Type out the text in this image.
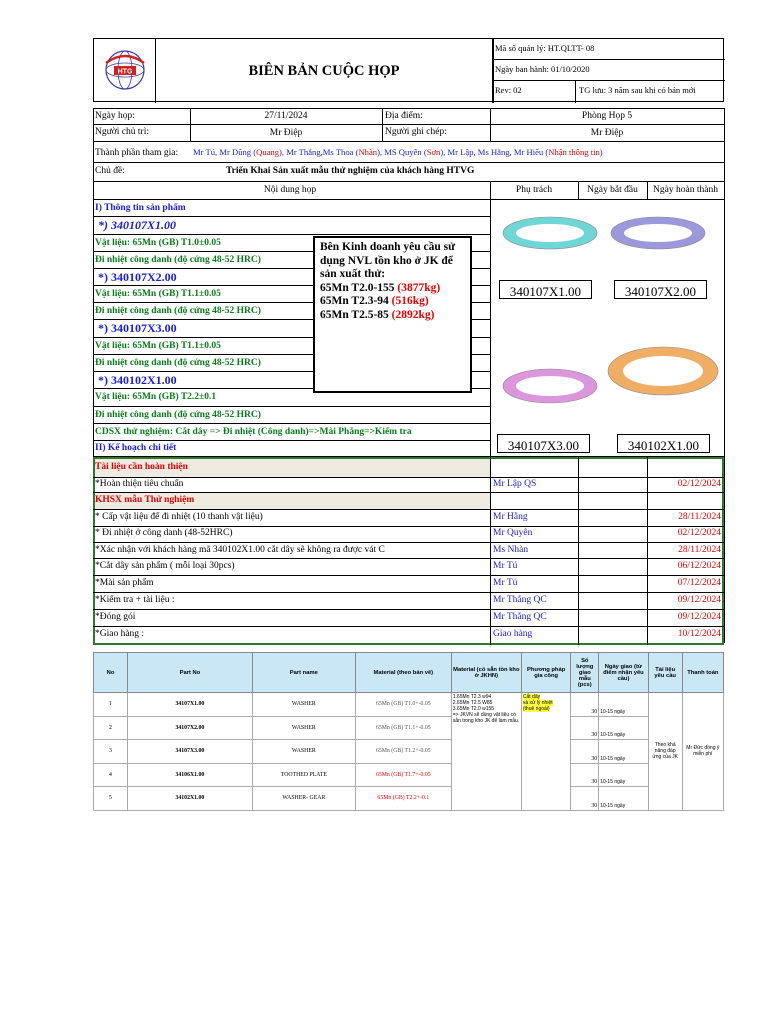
HTG	BIÊN BẢN CUỘC HỌP
Mã số quản lý: HT.QLTT- 08
Ngày ban hành: 01/10/2020
Rev: 02	TG lưu: 3 năm sau khi có bản mới
Ngày họp:	27/11/2024	Địa điểm:	Phòng Họp 5
Người chủ trì:	Mr Điệp	Người ghi chép:	Mr Điệp
Thành phần tham gia: Mr Tú, Mr Dũng (Quang), Mr Thắng,Ms Thoa (Nhàn), MS Quyên (Sơn), Mr Lập, Ms Hằng, Mr Hiếu (Nhận thông tin)
Chủ đề:	Triển Khai Sản xuất mẫu thử nghiệm của khách hàng HTVG
Nội dung họp	Phụ trách	Ngày bắt đầu	Ngày hoàn thành
I) Thông tin sản phẩm
*) 340107X1.00
Vật liệu: 65Mn (GB) T1.0±0.05
Đi nhiệt công danh (độ cứng 48-52 HRC)
*) 340107X2.00
Vật liệu: 65Mn (GB) T1.1±0.05
Đi nhiệt công danh (độ cứng 48-52 HRC)
*) 340107X3.00
Vật liệu: 65Mn (GB) T1.1±0.05
Đi nhiệt công danh (độ cứng 48-52 HRC)
*) 340102X1.00
Vật liệu: 65Mn (GB) T2.2±0.1
Đi nhiệt công danh (độ cứng 48-52 HRC)
CDSX thử nghiệm: Cắt dây => Đi nhiệt (Công danh)=>Mài Phẳng=>Kiểm tra
II) Kế hoạch chi tiết
Bên Kinh doanh yêu cầu sử dụng NVL tồn kho ở JK để sản xuất thử:
65Mn T2.0-155 (3877kg)
65Mn T2.3-94 (516kg)
65Mn T2.5-85 (2892kg)
340107X1.00	340107X2.00
340107X3.00	340102X1.00
Tài liệu cần hoàn thiện
*Hoàn thiện tiêu chuẩn	Mr Lập QS	02/12/2024
KHSX mẫu Thử nghiệm
* Cấp vật liệu để đi nhiệt (10 thanh vật liệu)	Mr Hằng	28/11/2024
* Đi nhiệt ở công danh (48-52HRC)	Mr Quyên	02/12/2024
*Xác nhận với khách hàng mã 340102X1.00 cắt dây sẽ không ra được vát C	Ms Nhàn	28/11/2024
*Cắt dây sản phẩm ( mỗi loại 30pcs)	Mr Tú	06/12/2024
*Mài sản phẩm	Mr Tú	07/12/2024
*Kiểm tra + tài liệu :	Mr Thắng QC	09/12/2024
*Đóng gói	Mr Thắng QC	09/12/2024
*Giao hàng :	Giao hàng	10/12/2024
No	Part No	Part name	Material (theo bản vẽ)	Material (có sẵn tồn kho ở JKHN)	Phương pháp gia công	Số lượng giao mẫu (pcs)	Ngày giao (từ điểm nhận yêu cầu)	Tài liệu yêu cầu	Thanh toán
1	34107X1.00	WASHER	65Mn (GB) T1.0+-0.05	1.65Mn T2.3 w94
2.65Mn T2.5 W85
3.65Mn T2.0 w155
=> JKVN sẽ dùng vật liệu có sẵn trong kho JK để làm mẫu.	Cắt dây
và xử lý nhiệt
(thuê ngoài)	30	10-15 ngày	Theo khả năng đáp ứng của JK	Mr Đức đồng ý miễn phí
2	34107X2.00	WASHER	65Mn (GB) T1.1+-0.05			30	10-15 ngày		
3	34107X3.00	WASHER	65Mn (GB) T1.2+-0.05			30	10-15 ngày		
4	34106X1.00	TOOTHED PLATE	65Mn (GB) T1.7+-0.05			30	10-15 ngày		
5	34102X1.00	WASHER- GEAR	65Mn (GB) T2.2+-0.1			30	10-15 ngày		
